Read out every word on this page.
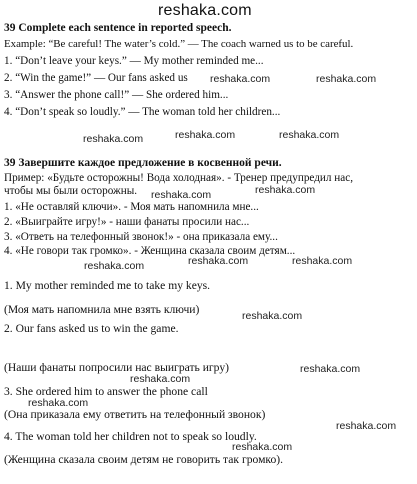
reshaka.com
39 Complete each sentence in reported speech.
Example: “Be careful! The water’s cold.” — The coach warned us to be careful.
1. “Don’t leave your keys.” — My mother reminded me...
2. “Win the game!” — Our fans asked us
3. “Answer the phone call!” — She ordered him...
4. “Don’t speak so loudly.” — The woman told her children...
reshaka.com	reshaka.com
reshaka.com	reshaka.com	reshaka.com
39 Завершите каждое предложение в косвенной речи.
Пример: «Будьте осторожны! Вода холодная». - Тренер предупредил нас,
чтобы мы были осторожны.
1. «Не оставляй ключи». - Моя мать напомнила мне...
2. «Выиграйте игру!» - наши фанаты просили нас...
3. «Ответь на телефонный звонок!» - она приказала ему...
4. «Не говори так громко». - Женщина сказала своим детям...
reshaka.com	reshaka.com
reshaka.com	reshaka.com	reshaka.com
1. My mother reminded me to take my keys.
(Моя мать напомнила мне взять ключи)
2. Our fans asked us to win the game.
(Наши фанаты попросили нас выиграть игру)
3. She ordered him to answer the phone call
(Она приказала ему ответить на телефонный звонок)
4. The woman told her children not to speak so loudly.
(Женщина сказала своим детям не говорить так громко).
reshaka.com
reshaka.com
reshaka.com
reshaka.com
reshaka.com
reshaka.com
